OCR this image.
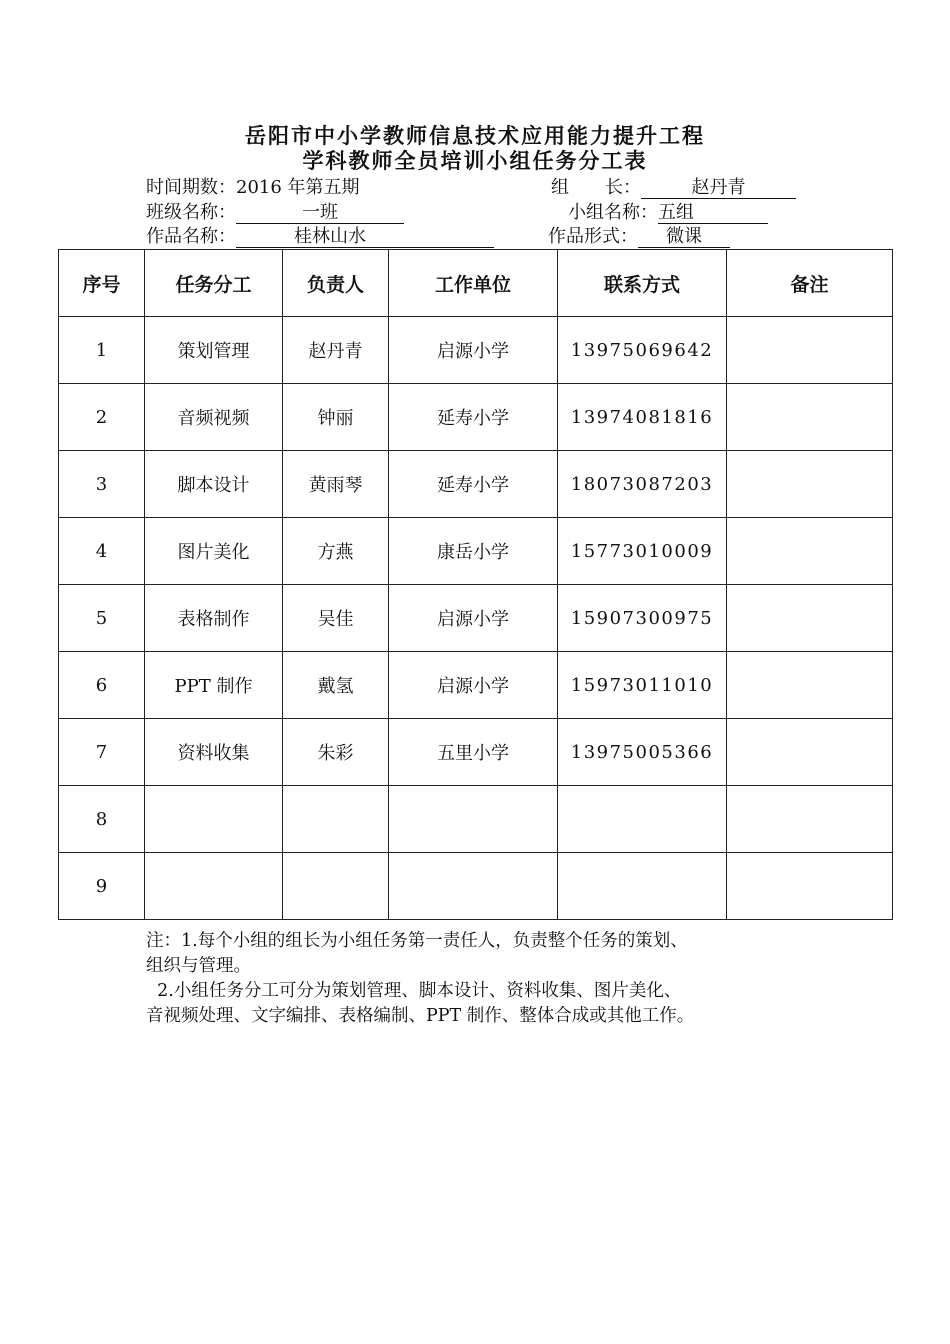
岳阳市中小学教师信息技术应用能力提升工程
学科教师全员培训小组任务分工表
时间期数：2016 年第五期	组　　长：	赵丹青
班级名称：	一班	小组名称：五组
作品名称：	桂林山水	作品形式： 微课
序号	任务分工	负责人	工作单位	联系方式	备注
1	策划管理	赵丹青	启源小学	13975069642	
2	音频视频	钟丽	延寿小学	13974081816	
3	脚本设计	黄雨琴	延寿小学	18073087203	
4	图片美化	方燕	康岳小学	15773010009	
5	表格制作	吴佳	启源小学	15907300975	
6	PPT 制作	戴氢	启源小学	15973011010	
7	资料收集	朱彩	五里小学	13975005366	
8					
9					
注：1.每个小组的组长为小组任务第一责任人，负责整个任务的策划、
组织与管理。
2.小组任务分工可分为策划管理、脚本设计、资料收集、图片美化、
音视频处理、文字编排、表格编制、PPT 制作、整体合成或其他工作。
